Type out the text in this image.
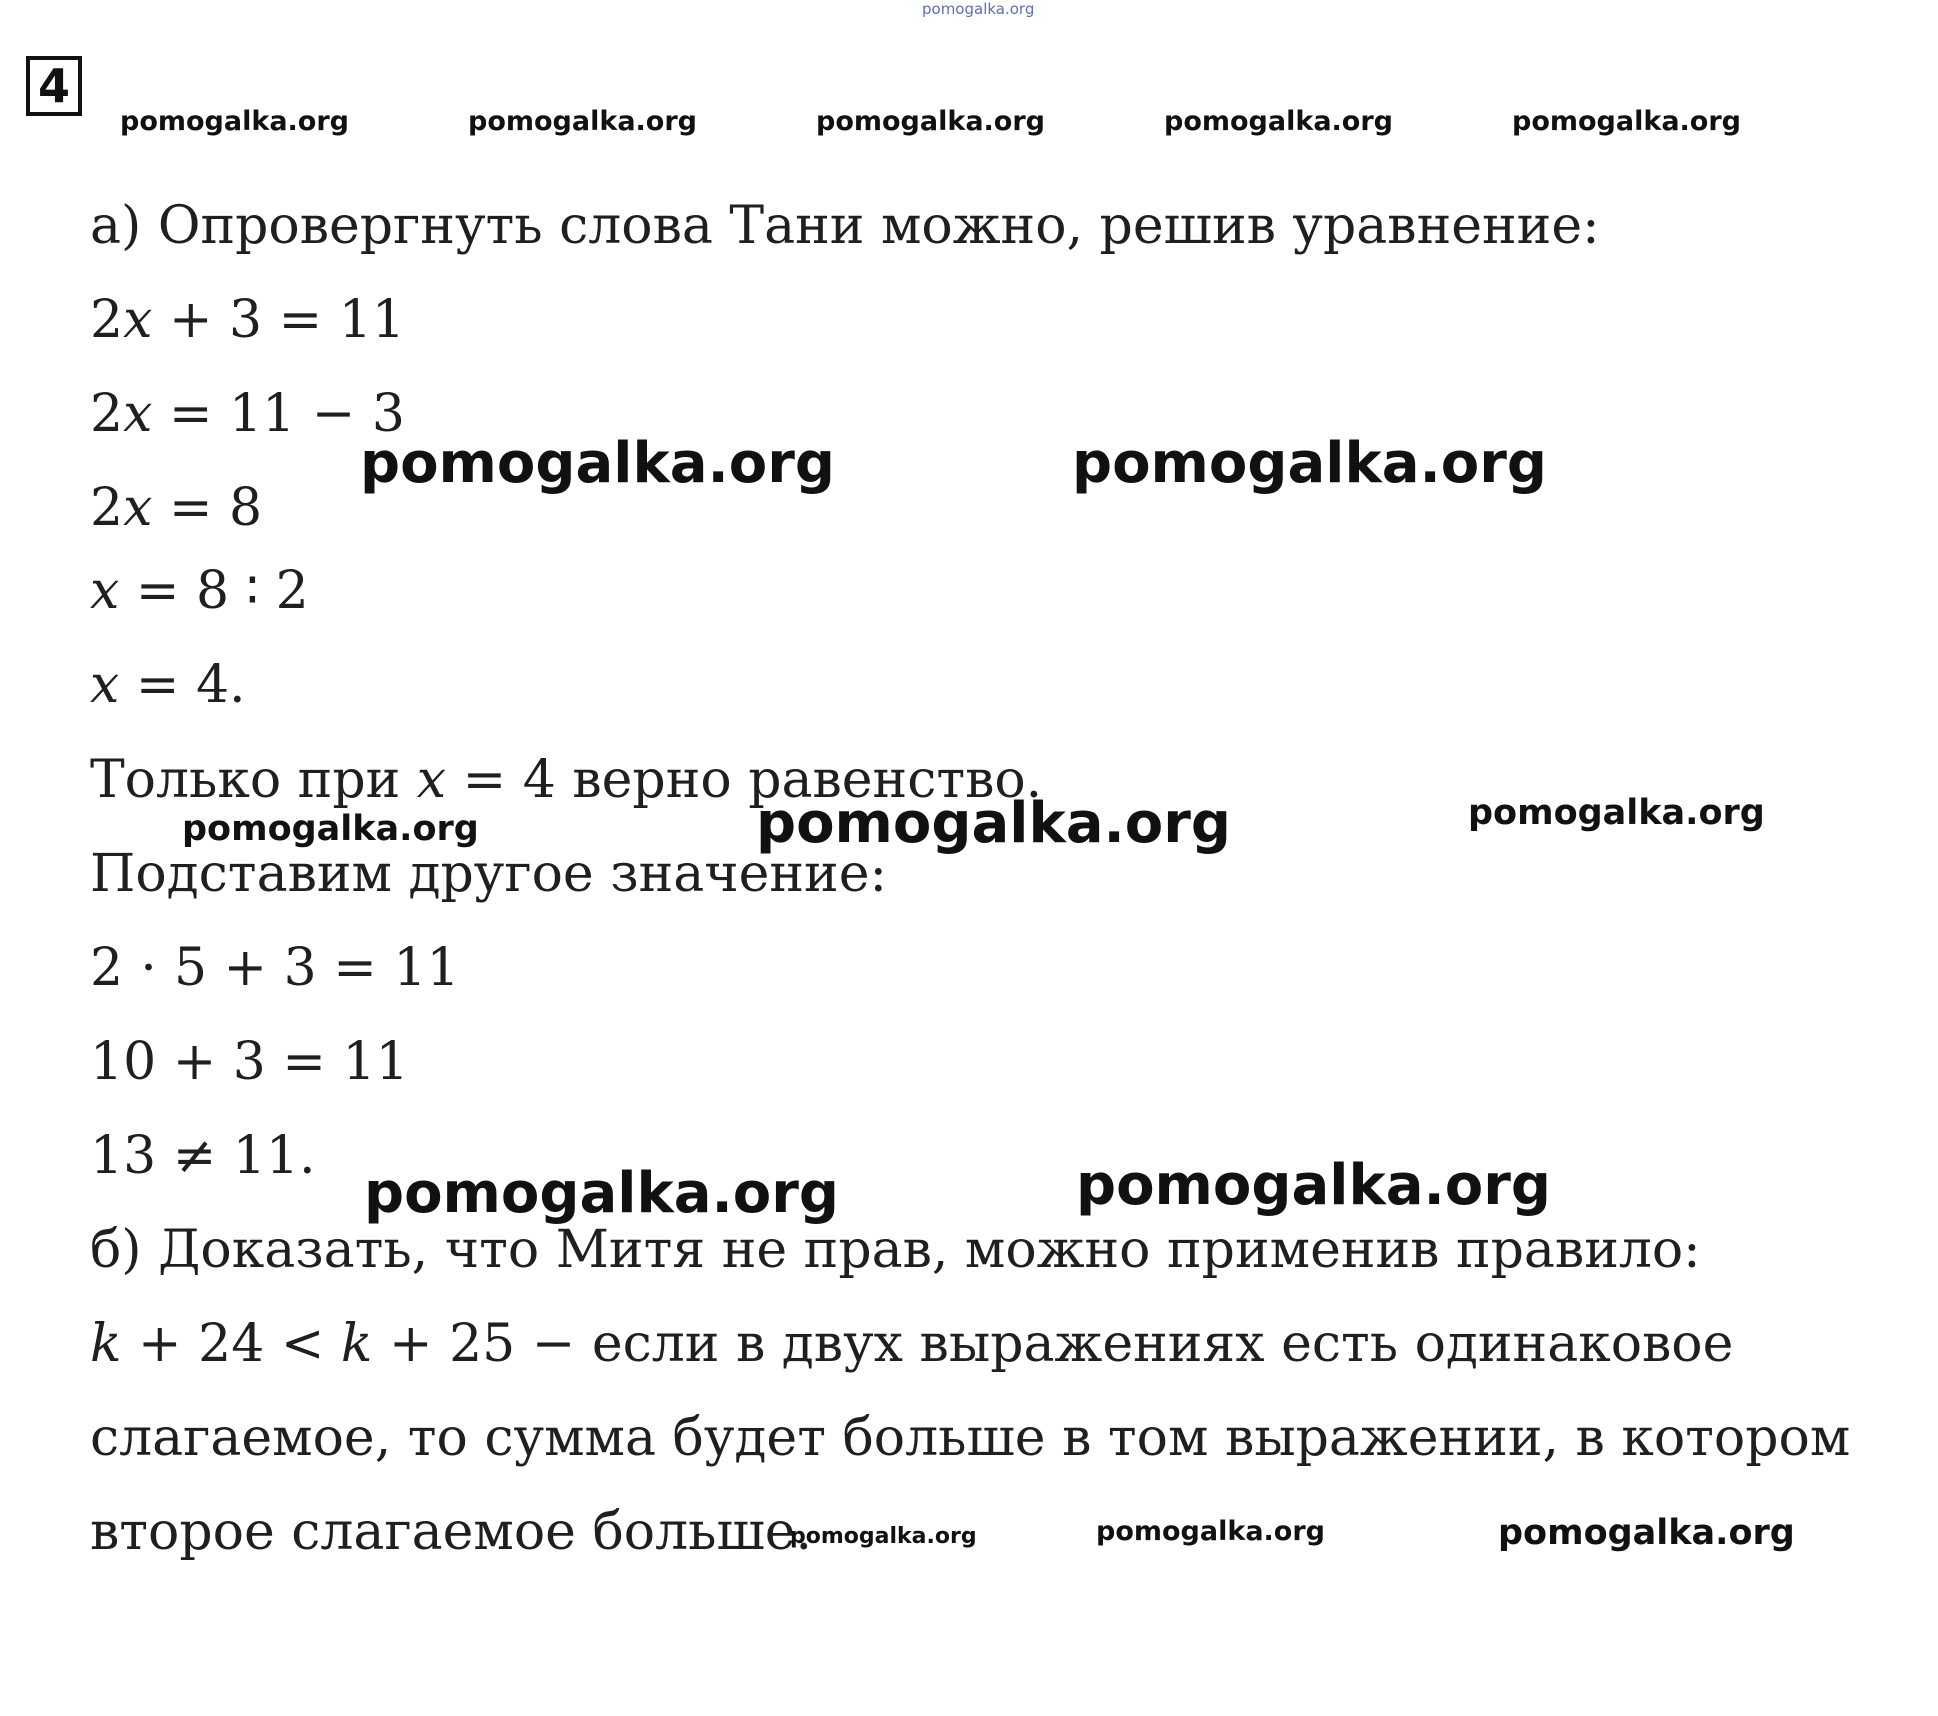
pomogalka.org
4
pomogalka.org	pomogalka.org	pomogalka.org	pomogalka.org	pomogalka.org
а) Опровергнуть слова Тани можно, решив уравнение:
2𝑥 + 3 = 11
2𝑥 = 11 − 3
2𝑥 = 8
𝑥 = 8 ∶ 2
𝑥 = 4.
Только при 𝑥 = 4 верно равенство.
Подставим другое значение:
2 ⋅ 5 + 3 = 11
10 + 3 = 11
13 ≠ 11.
б) Доказать, что Митя не прав, можно применив правило:
𝑘 + 24 < 𝑘 + 25 − если в двух выражениях есть одинаковое
слагаемое, то сумма будет больше в том выражении, в котором
второе слагаемое больше.
pomogalka.org	pomogalka.org
pomogalka.org	pomogalka.org	pomogalka.org
pomogalka.org	pomogalka.org
pomogalka.org	pomogalka.org	pomogalka.org
